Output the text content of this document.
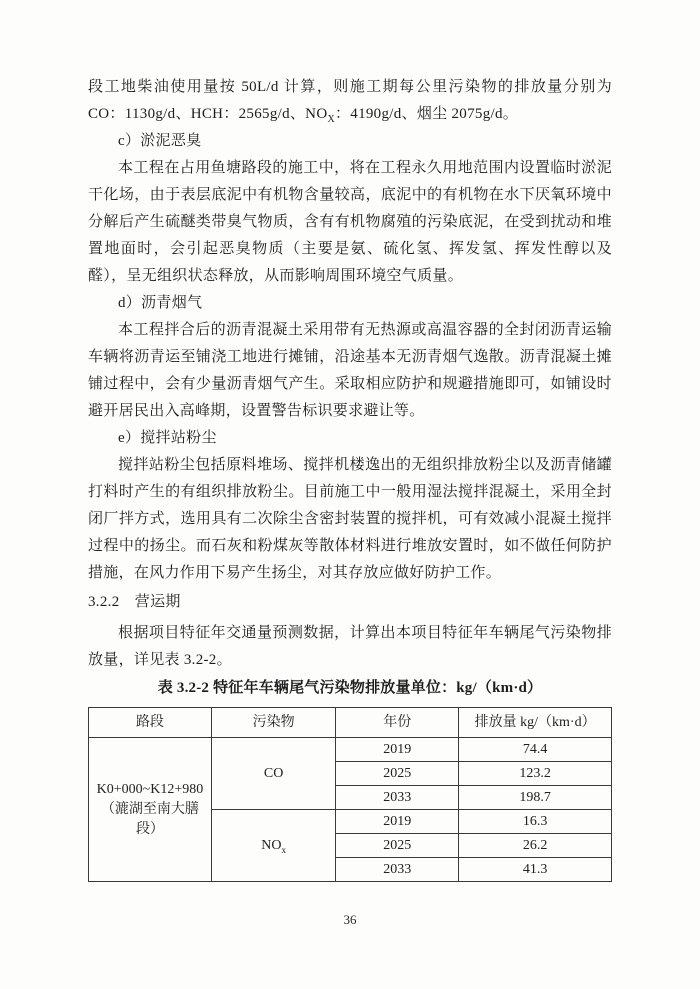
段工地柴油使用量按 50L/d 计算，则施工期每公里污染物的排放量分别为 CO：1130g/d、HCH：2565g/d、$NO_X$：4190g/d、烟尘 2075g/d。

c）淤泥恶臭

本工程在占用鱼塘路段的施工中，将在工程永久用地范围内设置临时淤泥干化场，由于表层底泥中有机物含量较高，底泥中的有机物在水下厌氧环境中分解后产生硫醚类带臭气物质，含有有机物腐殖的污染底泥，在受到扰动和堆置地面时，会引起恶臭物质（主要是氨、硫化氢、挥发氢、挥发性醇以及醛），呈无组织状态释放，从而影响周围环境空气质量。

d）沥青烟气

本工程拌合后的沥青混凝土采用带有无热源或高温容器的全封闭沥青运输车辆将沥青运至铺浇工地进行摊铺，沿途基本无沥青烟气逸散。沥青混凝土摊铺过程中，会有少量沥青烟气产生。采取相应防护和规避措施即可，如铺设时避开居民出入高峰期，设置警告标识要求避让等。

e）搅拌站粉尘

搅拌站粉尘包括原料堆场、搅拌机楼逸出的无组织排放粉尘以及沥青储罐打料时产生的有组织排放粉尘。目前施工中一般用湿法搅拌混凝土，采用全封闭厂拌方式，选用具有二次除尘含密封装置的搅拌机，可有效减小混凝土搅拌过程中的扬尘。而石灰和粉煤灰等散体材料进行堆放安置时，如不做任何防护措施，在风力作用下易产生扬尘，对其存放应做好防护工作。

3.2.2　营运期

根据项目特征年交通量预测数据，计算出本项目特征年车辆尾气污染物排放量，详见表 3.2-2。

表 3.2-2 特征年车辆尾气污染物排放量单位：kg/（km·d）

路段	污染物	年份	排放量 kg/（km·d）
K0+000~K12+980（漉湖至南大膳段）	CO	2019	74.4
		2025	123.2
		2033	198.7
	$NO_x$	2019	16.3
		2025	26.2
		2033	41.3
36
